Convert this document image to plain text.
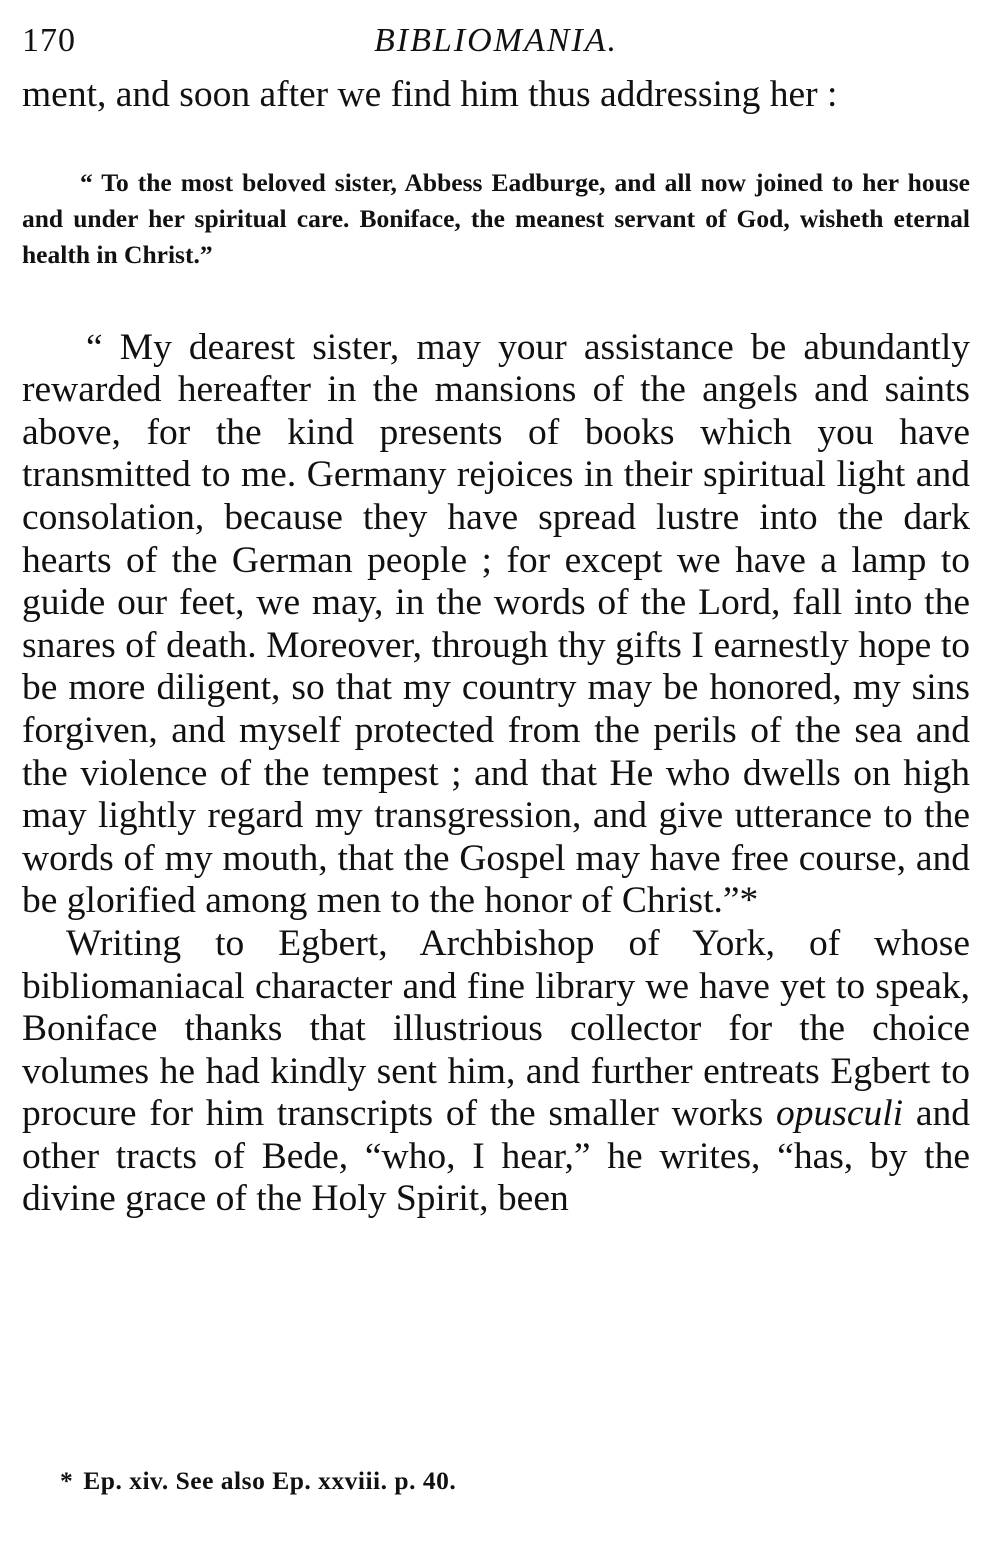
170	BIBLIOMANIA.

ment, and soon after we find him thus addressing her :

“ To the most beloved sister, Abbess Eadburge, and all now joined to her house and under her spiritual care. Boniface, the meanest servant of God, wisheth eternal health in Christ.”

“ My dearest sister, may your assistance be abundantly rewarded hereafter in the mansions of the angels and saints above, for the kind presents of books which you have transmitted to me. Germany rejoices in their spiritual light and consolation, because they have spread lustre into the dark hearts of the German people ; for except we have a lamp to guide our feet, we may, in the words of the Lord, fall into the snares of death. Moreover, through thy gifts I earnestly hope to be more diligent, so that my country may be honored, my sins forgiven, and myself protected from the perils of the sea and the violence of the tempest ; and that He who dwells on high may lightly regard my transgression, and give utterance to the words of my mouth, that the Gospel may have free course, and be glorified among men to the honor of Christ.”*

Writing to Egbert, Archbishop of York, of whose bibliomaniacal character and fine library we have yet to speak, Boniface thanks that illustrious collector for the choice volumes he had kindly sent him, and further entreats Egbert to procure for him transcripts of the smaller works opusculi and other tracts of Bede, “who, I hear,” he writes, “has, by the divine grace of the Holy Spirit, been

* Ep. xiv. See also Ep. xxviii. p. 40.
